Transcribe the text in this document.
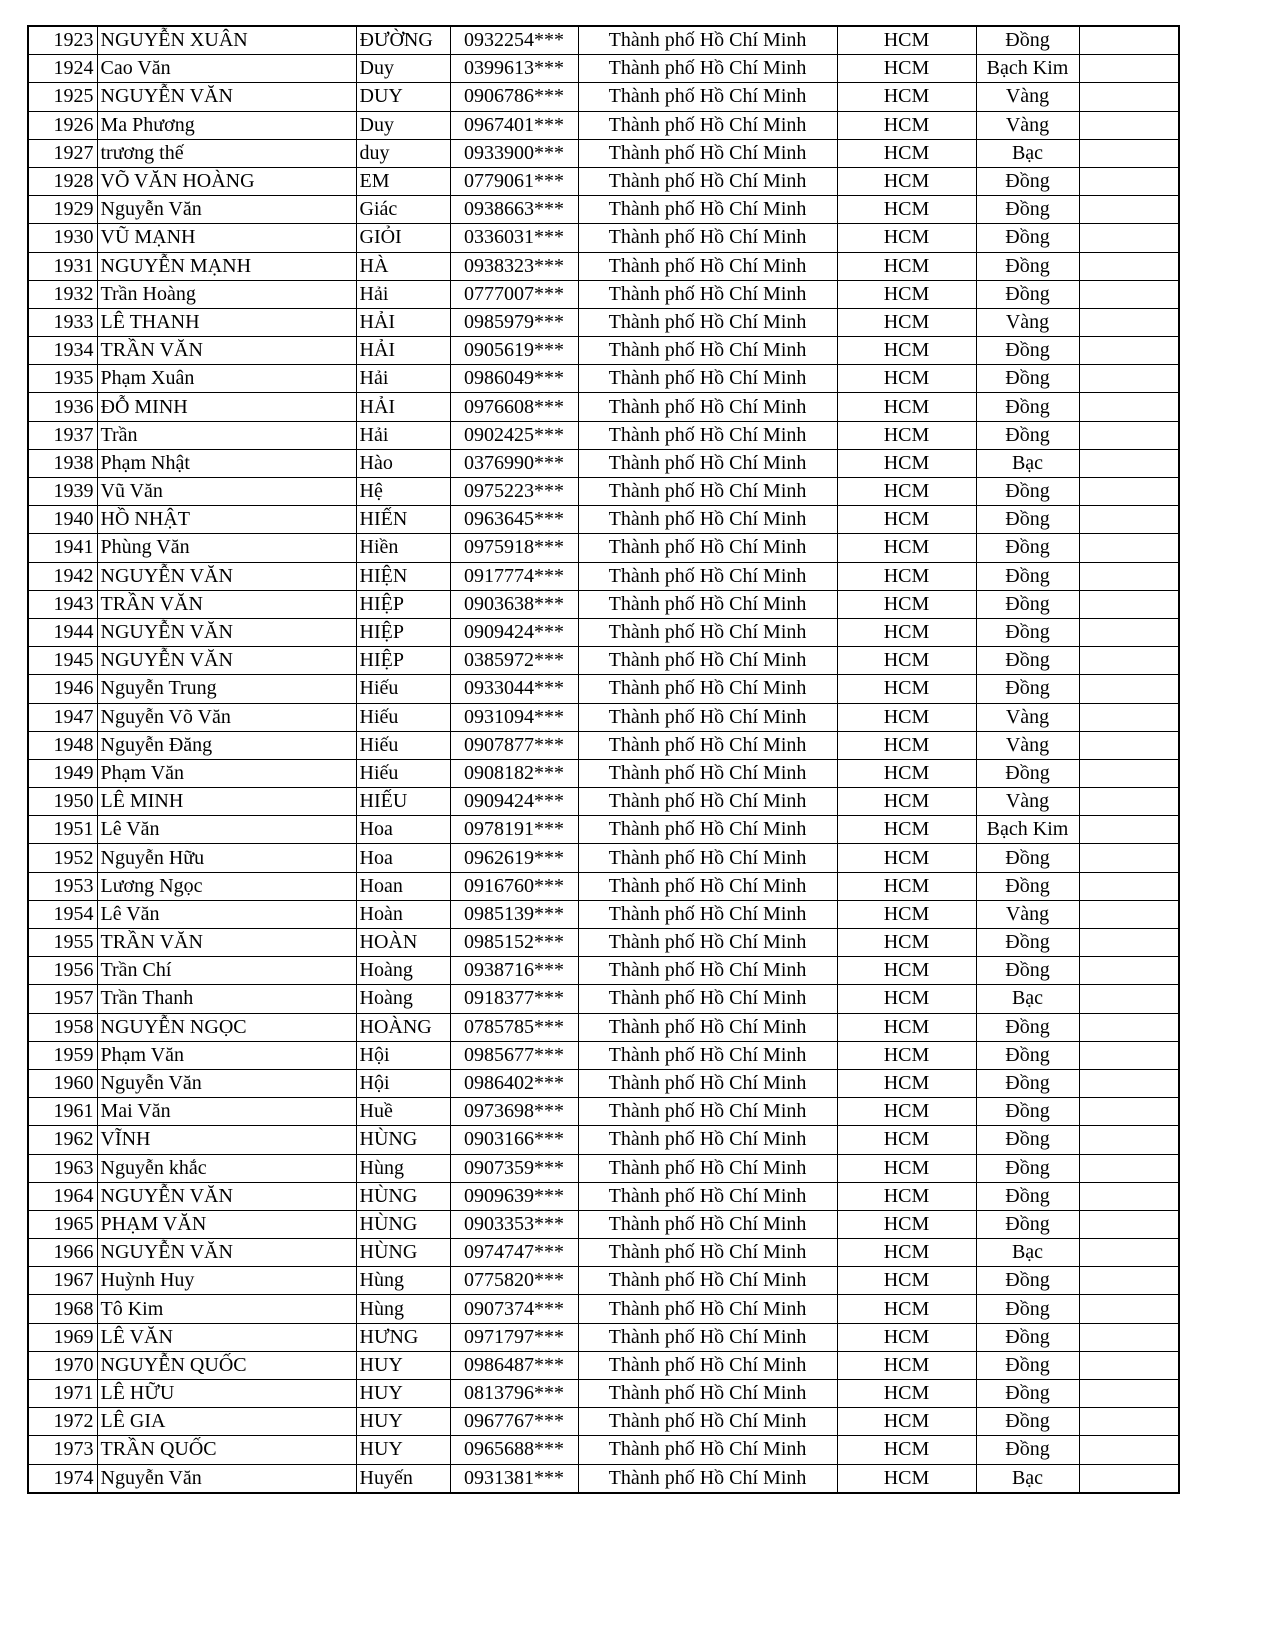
1923	NGUYỄN XUÂN	ĐƯỜNG	0932254***	Thành phố Hồ Chí Minh	HCM	Đồng	
1924	Cao Văn	Duy	0399613***	Thành phố Hồ Chí Minh	HCM	Bạch Kim	
1925	NGUYỄN VĂN	DUY	0906786***	Thành phố Hồ Chí Minh	HCM	Vàng	
1926	Ma Phương	Duy	0967401***	Thành phố Hồ Chí Minh	HCM	Vàng	
1927	trương thế	duy	0933900***	Thành phố Hồ Chí Minh	HCM	Bạc	
1928	VÕ VĂN HOÀNG	EM	0779061***	Thành phố Hồ Chí Minh	HCM	Đồng	
1929	Nguyễn Văn	Giác	0938663***	Thành phố Hồ Chí Minh	HCM	Đồng	
1930	VŨ MẠNH	GIỎI	0336031***	Thành phố Hồ Chí Minh	HCM	Đồng	
1931	NGUYỄN MẠNH	HÀ	0938323***	Thành phố Hồ Chí Minh	HCM	Đồng	
1932	Trần Hoàng	Hải	0777007***	Thành phố Hồ Chí Minh	HCM	Đồng	
1933	LÊ THANH	HẢI	0985979***	Thành phố Hồ Chí Minh	HCM	Vàng	
1934	TRẦN VĂN	HẢI	0905619***	Thành phố Hồ Chí Minh	HCM	Đồng	
1935	Phạm Xuân	Hải	0986049***	Thành phố Hồ Chí Minh	HCM	Đồng	
1936	ĐỖ MINH	HẢI	0976608***	Thành phố Hồ Chí Minh	HCM	Đồng	
1937	Trần	Hải	0902425***	Thành phố Hồ Chí Minh	HCM	Đồng	
1938	Phạm Nhật	Hào	0376990***	Thành phố Hồ Chí Minh	HCM	Bạc	
1939	Vũ Văn	Hệ	0975223***	Thành phố Hồ Chí Minh	HCM	Đồng	
1940	HỒ NHẬT	HIẾN	0963645***	Thành phố Hồ Chí Minh	HCM	Đồng	
1941	Phùng Văn	Hiền	0975918***	Thành phố Hồ Chí Minh	HCM	Đồng	
1942	NGUYỄN VĂN	HIỆN	0917774***	Thành phố Hồ Chí Minh	HCM	Đồng	
1943	TRẦN VĂN	HIỆP	0903638***	Thành phố Hồ Chí Minh	HCM	Đồng	
1944	NGUYỄN VĂN	HIỆP	0909424***	Thành phố Hồ Chí Minh	HCM	Đồng	
1945	NGUYỄN VĂN	HIỆP	0385972***	Thành phố Hồ Chí Minh	HCM	Đồng	
1946	Nguyễn Trung	Hiếu	0933044***	Thành phố Hồ Chí Minh	HCM	Đồng	
1947	Nguyễn Võ Văn	Hiếu	0931094***	Thành phố Hồ Chí Minh	HCM	Vàng	
1948	Nguyễn Đăng	Hiếu	0907877***	Thành phố Hồ Chí Minh	HCM	Vàng	
1949	Phạm Văn	Hiếu	0908182***	Thành phố Hồ Chí Minh	HCM	Đồng	
1950	LÊ MINH	HIẾU	0909424***	Thành phố Hồ Chí Minh	HCM	Vàng	
1951	Lê Văn	Hoa	0978191***	Thành phố Hồ Chí Minh	HCM	Bạch Kim	
1952	Nguyễn Hữu	Hoa	0962619***	Thành phố Hồ Chí Minh	HCM	Đồng	
1953	Lương Ngọc	Hoan	0916760***	Thành phố Hồ Chí Minh	HCM	Đồng	
1954	Lê Văn	Hoàn	0985139***	Thành phố Hồ Chí Minh	HCM	Vàng	
1955	TRẦN VĂN	HOÀN	0985152***	Thành phố Hồ Chí Minh	HCM	Đồng	
1956	Trần Chí	Hoàng	0938716***	Thành phố Hồ Chí Minh	HCM	Đồng	
1957	Trần Thanh	Hoàng	0918377***	Thành phố Hồ Chí Minh	HCM	Bạc	
1958	NGUYỄN NGỌC	HOÀNG	0785785***	Thành phố Hồ Chí Minh	HCM	Đồng	
1959	Phạm Văn	Hội	0985677***	Thành phố Hồ Chí Minh	HCM	Đồng	
1960	Nguyễn Văn	Hội	0986402***	Thành phố Hồ Chí Minh	HCM	Đồng	
1961	Mai Văn	Huề	0973698***	Thành phố Hồ Chí Minh	HCM	Đồng	
1962	VĨNH	HÙNG	0903166***	Thành phố Hồ Chí Minh	HCM	Đồng	
1963	Nguyễn khắc	Hùng	0907359***	Thành phố Hồ Chí Minh	HCM	Đồng	
1964	NGUYỄN VĂN	HÙNG	0909639***	Thành phố Hồ Chí Minh	HCM	Đồng	
1965	PHẠM VĂN	HÙNG	0903353***	Thành phố Hồ Chí Minh	HCM	Đồng	
1966	NGUYỄN VĂN	HÙNG	0974747***	Thành phố Hồ Chí Minh	HCM	Bạc	
1967	Huỳnh Huy	Hùng	0775820***	Thành phố Hồ Chí Minh	HCM	Đồng	
1968	Tô Kim	Hùng	0907374***	Thành phố Hồ Chí Minh	HCM	Đồng	
1969	LÊ VĂN	HƯNG	0971797***	Thành phố Hồ Chí Minh	HCM	Đồng	
1970	NGUYỄN QUỐC	HUY	0986487***	Thành phố Hồ Chí Minh	HCM	Đồng	
1971	LÊ HỮU	HUY	0813796***	Thành phố Hồ Chí Minh	HCM	Đồng	
1972	LÊ GIA	HUY	0967767***	Thành phố Hồ Chí Minh	HCM	Đồng	
1973	TRẦN QUỐC	HUY	0965688***	Thành phố Hồ Chí Minh	HCM	Đồng	
1974	Nguyễn Văn	Huyến	0931381***	Thành phố Hồ Chí Minh	HCM	Bạc	
